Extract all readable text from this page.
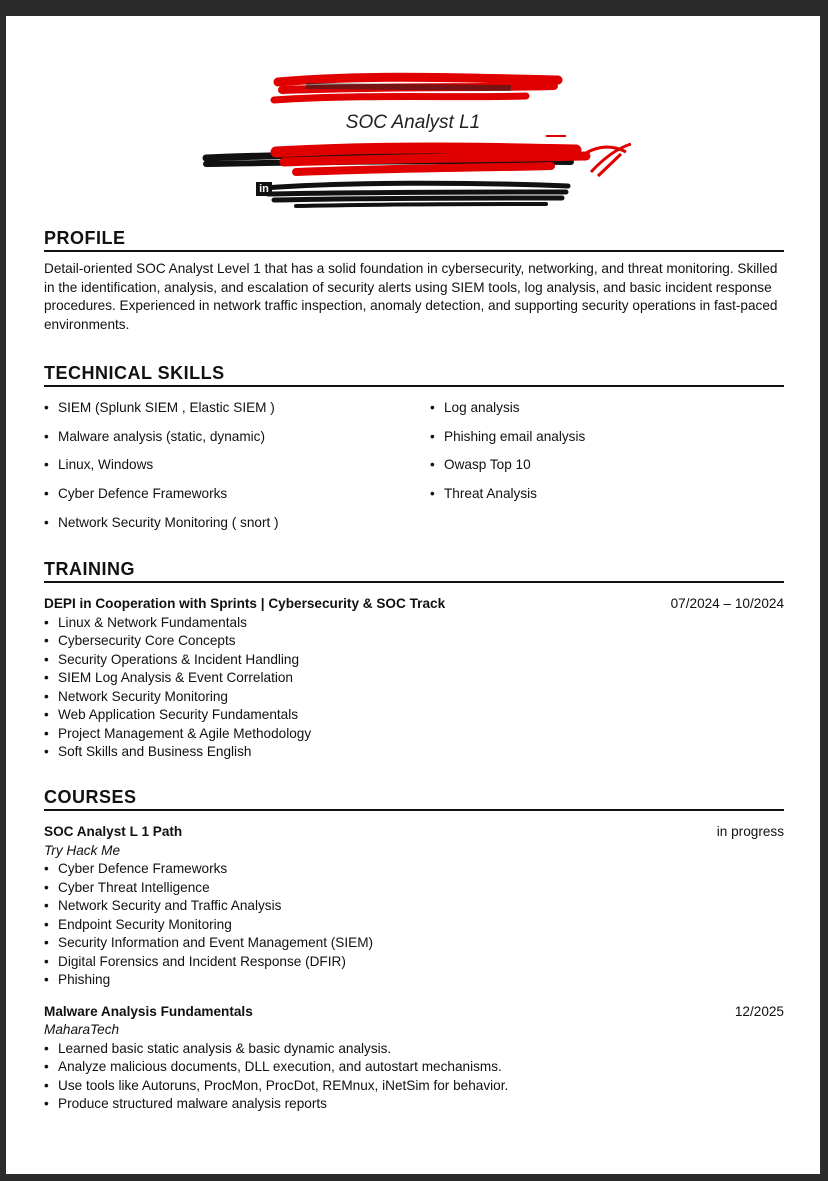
in
SOC Analyst L1
PROFILE

Detail-oriented SOC Analyst Level 1 that has a solid foundation in cybersecurity, networking, and threat monitoring. Skilled in the identification, analysis, and escalation of security alerts using SIEM tools, log analysis, and basic incident response procedures. Experienced in network traffic inspection, anomaly detection, and supporting security operations in fast-paced environments.

TECHNICAL SKILLS
• SIEM (Splunk SIEM , Elastic SIEM )
• Malware analysis (static, dynamic)
• Linux, Windows
• Cyber Defence Frameworks
• Network Security Monitoring ( snort )
• Log analysis
• Phishing email analysis
• Owasp Top 10
• Threat Analysis
TRAINING
DEPI in Cooperation with Sprints | Cybersecurity & SOC Track	07/2024 – 10/2024
• Linux & Network Fundamentals
• Cybersecurity Core Concepts
• Security Operations & Incident Handling
• SIEM Log Analysis & Event Correlation
• Network Security Monitoring
• Web Application Security Fundamentals
• Project Management & Agile Methodology
• Soft Skills and Business English
COURSES
SOC Analyst L 1 Path	in progress
Try Hack Me
• Cyber Defence Frameworks
• Cyber Threat Intelligence
• Network Security and Traffic Analysis
• Endpoint Security Monitoring
• Security Information and Event Management (SIEM)
• Digital Forensics and Incident Response (DFIR)
• Phishing
Malware Analysis Fundamentals	12/2025
MaharaTech
• Learned basic static analysis & basic dynamic analysis.
• Analyze malicious documents, DLL execution, and autostart mechanisms.
• Use tools like Autoruns, ProcMon, ProcDot, REMnux, iNetSim for behavior.
• Produce structured malware analysis reports
